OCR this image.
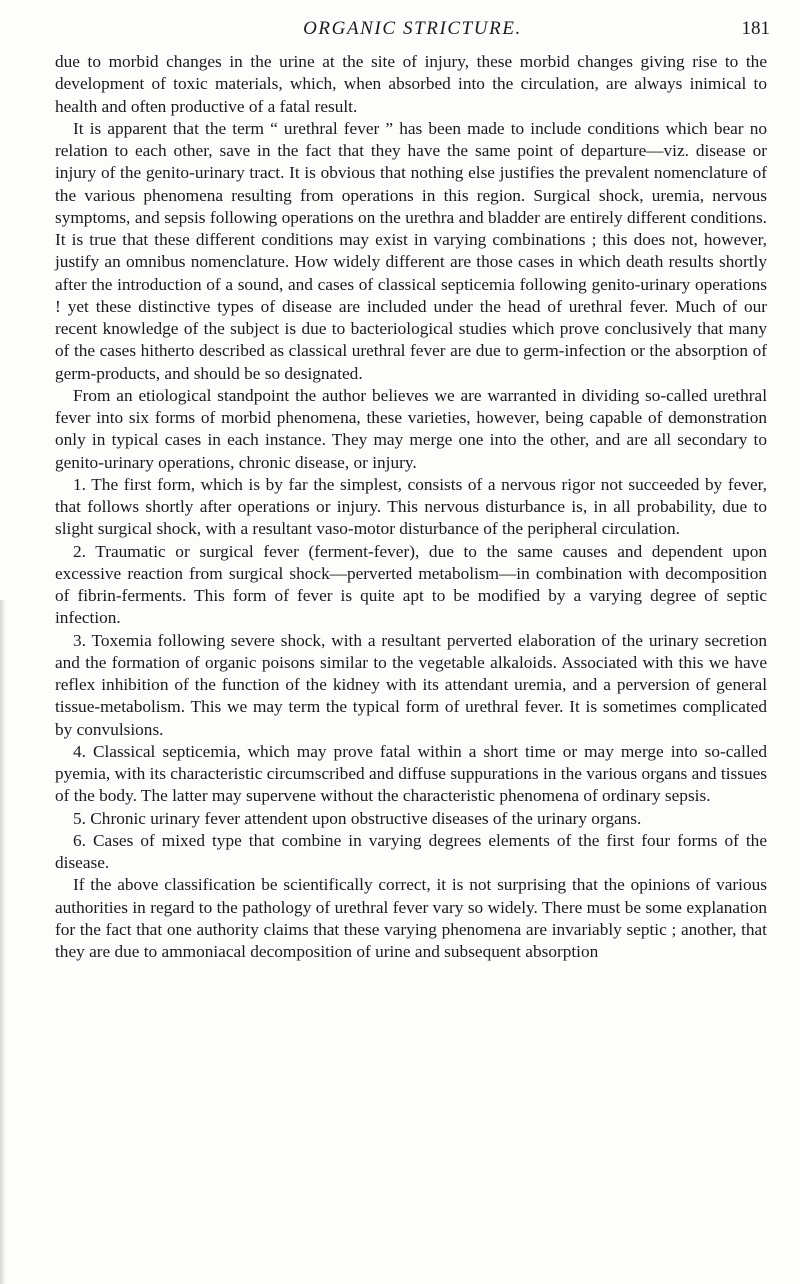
ORGANIC STRICTURE.	181

due to morbid changes in the urine at the site of injury, these morbid changes giving rise to the development of toxic materials, which, when absorbed into the circulation, are always inimical to health and often productive of a fatal result.

It is apparent that the term “ urethral fever ” has been made to include conditions which bear no relation to each other, save in the fact that they have the same point of departure—viz. disease or injury of the genito-urinary tract. It is obvious that nothing else justifies the prevalent nomenclature of the various phenomena resulting from operations in this region. Surgical shock, uremia, nervous symptoms, and sepsis following operations on the urethra and bladder are entirely different conditions. It is true that these different conditions may exist in varying combinations ; this does not, however, justify an omnibus nomenclature. How widely different are those cases in which death results shortly after the introduction of a sound, and cases of classical septicemia following genito-urinary operations ! yet these distinctive types of disease are included under the head of urethral fever. Much of our recent knowledge of the subject is due to bacteriological studies which prove conclusively that many of the cases hitherto described as classical urethral fever are due to germ-infection or the absorption of germ-products, and should be so designated.

From an etiological standpoint the author believes we are warranted in dividing so-called urethral fever into six forms of morbid phenomena, these varieties, however, being capable of demonstration only in typical cases in each instance. They may merge one into the other, and are all secondary to genito-urinary operations, chronic disease, or injury.

1. The first form, which is by far the simplest, consists of a nervous rigor not succeeded by fever, that follows shortly after operations or injury. This nervous disturbance is, in all probability, due to slight surgical shock, with a resultant vaso-motor disturbance of the peripheral circulation.

2. Traumatic or surgical fever (ferment-fever), due to the same causes and dependent upon excessive reaction from surgical shock—perverted metabolism—in combination with decomposition of fibrin-ferments. This form of fever is quite apt to be modified by a varying degree of septic infection.

3. Toxemia following severe shock, with a resultant perverted elaboration of the urinary secretion and the formation of organic poisons similar to the vegetable alkaloids. Associated with this we have reflex inhibition of the function of the kidney with its attendant uremia, and a perversion of general tissue-metabolism. This we may term the typical form of urethral fever. It is sometimes complicated by convulsions.

4. Classical septicemia, which may prove fatal within a short time or may merge into so-called pyemia, with its characteristic circumscribed and diffuse suppurations in the various organs and tissues of the body. The latter may supervene without the characteristic phenomena of ordinary sepsis.

5. Chronic urinary fever attendent upon obstructive diseases of the urinary organs.

6. Cases of mixed type that combine in varying degrees elements of the first four forms of the disease.

If the above classification be scientifically correct, it is not surprising that the opinions of various authorities in regard to the pathology of urethral fever vary so widely. There must be some explanation for the fact that one authority claims that these varying phenomena are invariably septic ; another, that they are due to ammoniacal decomposition of urine and subsequent absorption
